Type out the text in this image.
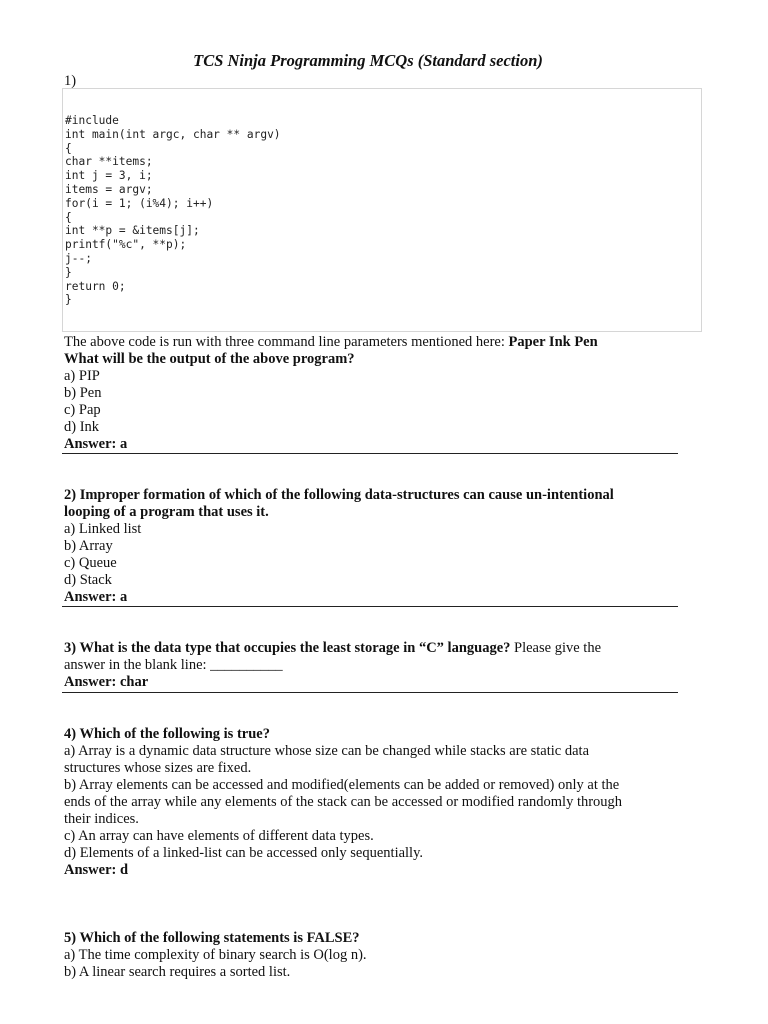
TCS Ninja Programming MCQs (Standard section)
1)
#include
int main(int argc, char ** argv)
{
char **items;
int j = 3, i;
items = argv;
for(i = 1; (i%4); i++)
{
int **p = &items[j];
printf("%c", **p);
j--;
}
return 0;
}
The above code is run with three command line parameters mentioned here: Paper Ink Pen
What will be the output of the above program?
a) PIP
b) Pen
c) Pap
d) Ink
Answer: a
2) Improper formation of which of the following data-structures can cause un-intentional
looping of a program that uses it.
a) Linked list
b) Array
c) Queue
d) Stack
Answer: a
3) What is the data type that occupies the least storage in “C” language? Please give the
answer in the blank line: __________
Answer: char
4) Which of the following is true?
a) Array is a dynamic data structure whose size can be changed while stacks are static data
structures whose sizes are fixed.
b) Array elements can be accessed and modified(elements can be added or removed) only at the
ends of the array while any elements of the stack can be accessed or modified randomly through
their indices.
c) An array can have elements of different data types.
d) Elements of a linked-list can be accessed only sequentially.
Answer: d
5) Which of the following statements is FALSE?
a) The time complexity of binary search is O(log n).
b) A linear search requires a sorted list.
